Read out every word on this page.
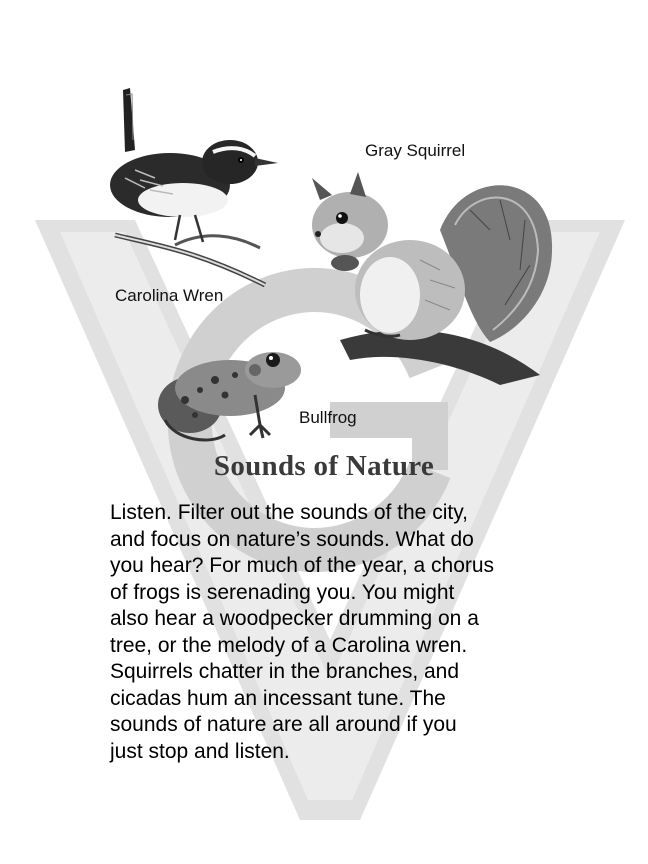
Carolina Wren
Gray Squirrel
Bullfrog
Sounds of Nature
Listen. Filter out the sounds of the city,
and focus on nature’s sounds. What do
you hear? For much of the year, a chorus
of frogs is serenading you. You might
also hear a woodpecker drumming on a
tree, or the melody of a Carolina wren.
Squirrels chatter in the branches, and
cicadas hum an incessant tune. The
sounds of nature are all around if you
just stop and listen.
